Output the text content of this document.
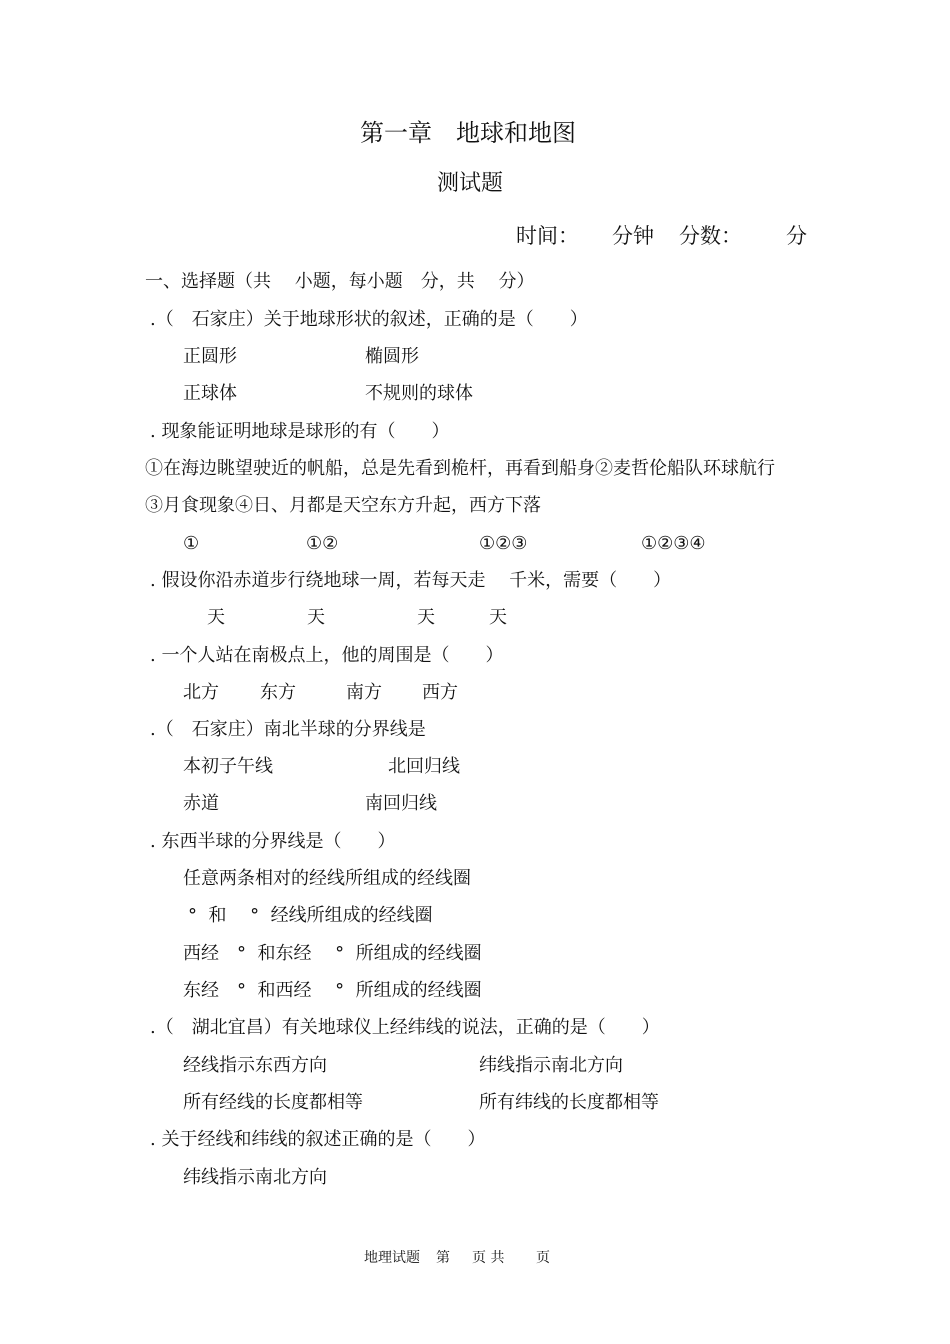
第一章　地球和地图
测试题
时间： 分钟 分数： 分
一、选择题（共　 小题，每小题　分，共　 分）
.（　石家庄）关于地球形状的叙述，正确的是（　　）
正圆形	椭圆形
正球体	不规则的球体
. 现象能证明地球是球形的有（　　）
①在海边眺望驶近的帆船，总是先看到桅杆，再看到船身②麦哲伦船队环球航行
③月食现象④日、月都是天空东方升起，西方下落
①	①②	①②③	①②③④
. 假设你沿赤道步行绕地球一周，若每天走　 千米，需要（　　）
天	天	天	天
. 一个人站在南极点上，他的周围是（　　）
北方 东方	南方 西方
.（　石家庄）南北半球的分界线是
本初子午线	北回归线
赤道	南回归线
. 东西半球的分界线是（　　）
任意两条相对的经线所组成的经线圈
°  和　 °  经线所组成的经线圈
西经　°  和东经　 °  所组成的经线圈
东经　°  和西经　 °  所组成的经线圈
.（　湖北宜昌）有关地球仪上经纬线的说法，正确的是（　　）
经线指示东西方向	纬线指示南北方向
所有经线的长度都相等	所有纬线的长度都相等
. 关于经线和纬线的叙述正确的是（　　）
纬线指示南北方向
地理试题 第 页 共 页
